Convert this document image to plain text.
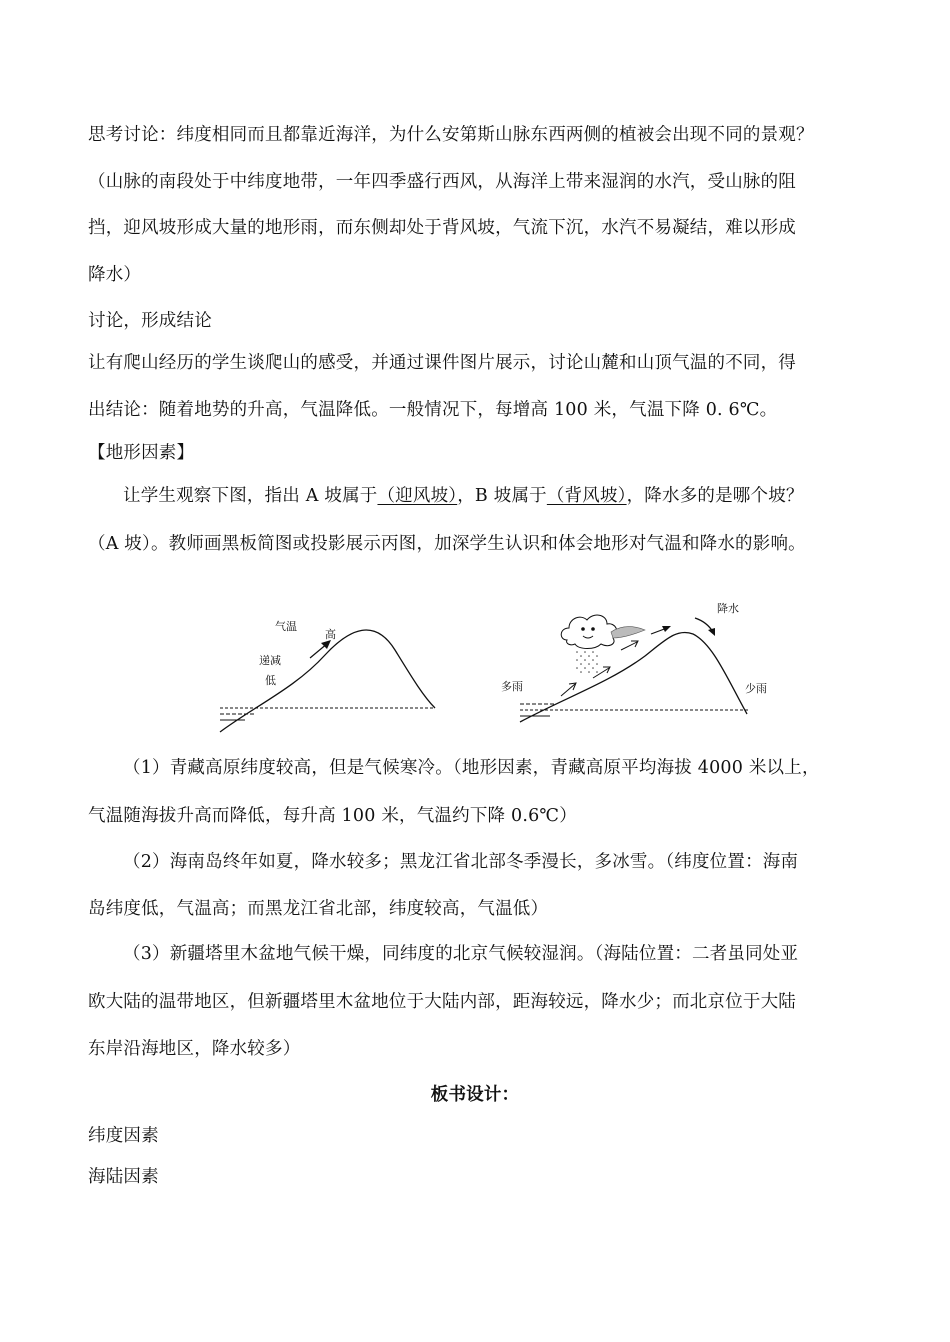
思考讨论：纬度相同而且都靠近海洋，为什么安第斯山脉东西两侧的植被会出现不同的景观？
（山脉的南段处于中纬度地带，一年四季盛行西风，从海洋上带来湿润的水汽，受山脉的阻
挡，迎风坡形成大量的地形雨，而东侧却处于背风坡，气流下沉，水汽不易凝结，难以形成
降水）
讨论，形成结论
让有爬山经历的学生谈爬山的感受，并通过课件图片展示，讨论山麓和山顶气温的不同，得
出结论：随着地势的升高，气温降低。一般情况下，每增高 100 米，气温下降 0. 6℃。
【地形因素】
让学生观察下图，指出 A 坡属于（迎风坡），B 坡属于（背风坡），降水多的是哪个坡？
（A 坡）。教师画黑板简图或投影展示丙图，加深学生认识和体会地形对气温和降水的影响。
气温
高
递减
低
降水
多雨	少雨
（1）青藏高原纬度较高，但是气候寒冷。（地形因素，青藏高原平均海拔 4000 米以上，
气温随海拔升高而降低，每升高 100 米，气温约下降 0.6℃）
（2）海南岛终年如夏，降水较多；黑龙江省北部冬季漫长，多冰雪。（纬度位置：海南
岛纬度低，气温高；而黑龙江省北部，纬度较高，气温低）
（3）新疆塔里木盆地气候干燥，同纬度的北京气候较湿润。（海陆位置：二者虽同处亚
欧大陆的温带地区，但新疆塔里木盆地位于大陆内部，距海较远，降水少；而北京位于大陆
东岸沿海地区，降水较多）
板书设计：
纬度因素
海陆因素
